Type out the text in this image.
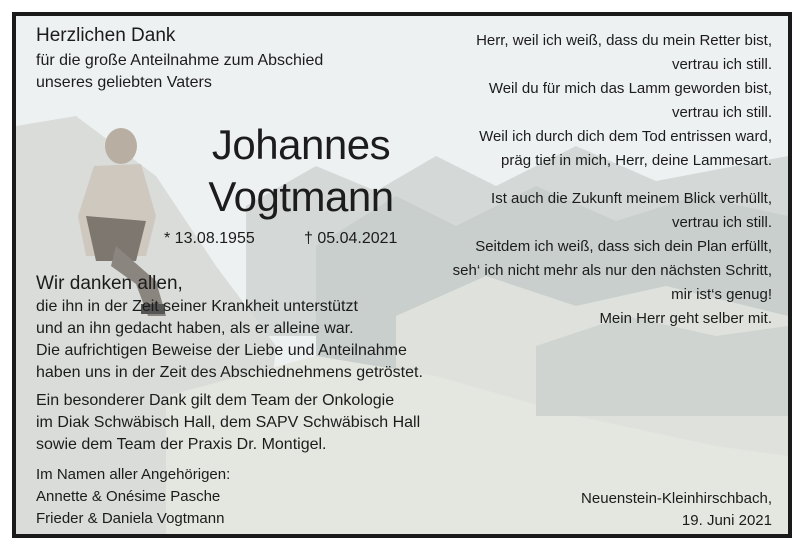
Herzlichen Dank
für die große Anteilnahme zum Abschied
unseres geliebten Vaters
Johannes
Vogtmann
* 13.08.1955	† 05.04.2021
Wir danken allen,
die ihn in der Zeit seiner Krankheit unterstützt
und an ihn gedacht haben, als er alleine war.
Die aufrichtigen Beweise der Liebe und Anteilnahme
haben uns in der Zeit des Abschiednehmens getröstet.
Ein besonderer Dank gilt dem Team der Onkologie
im Diak Schwäbisch Hall, dem SAPV Schwäbisch Hall
sowie dem Team der Praxis Dr. Montigel.
Im Namen aller Angehörigen:
Annette & Onésime Pasche
Frieder & Daniela Vogtmann
Herr, weil ich weiß, dass du mein Retter bist,
vertrau ich still.
Weil du für mich das Lamm geworden bist,
vertrau ich still.
Weil ich durch dich dem Tod entrissen ward,
präg tief in mich, Herr, deine Lammesart.
Ist auch die Zukunft meinem Blick verhüllt,
vertrau ich still.
Seitdem ich weiß, dass sich dein Plan erfüllt,
seh‘ ich nicht mehr als nur den nächsten Schritt,
mir ist‘s genug!
Mein Herr geht selber mit.
Neuenstein-Kleinhirschbach,
19. Juni 2021
